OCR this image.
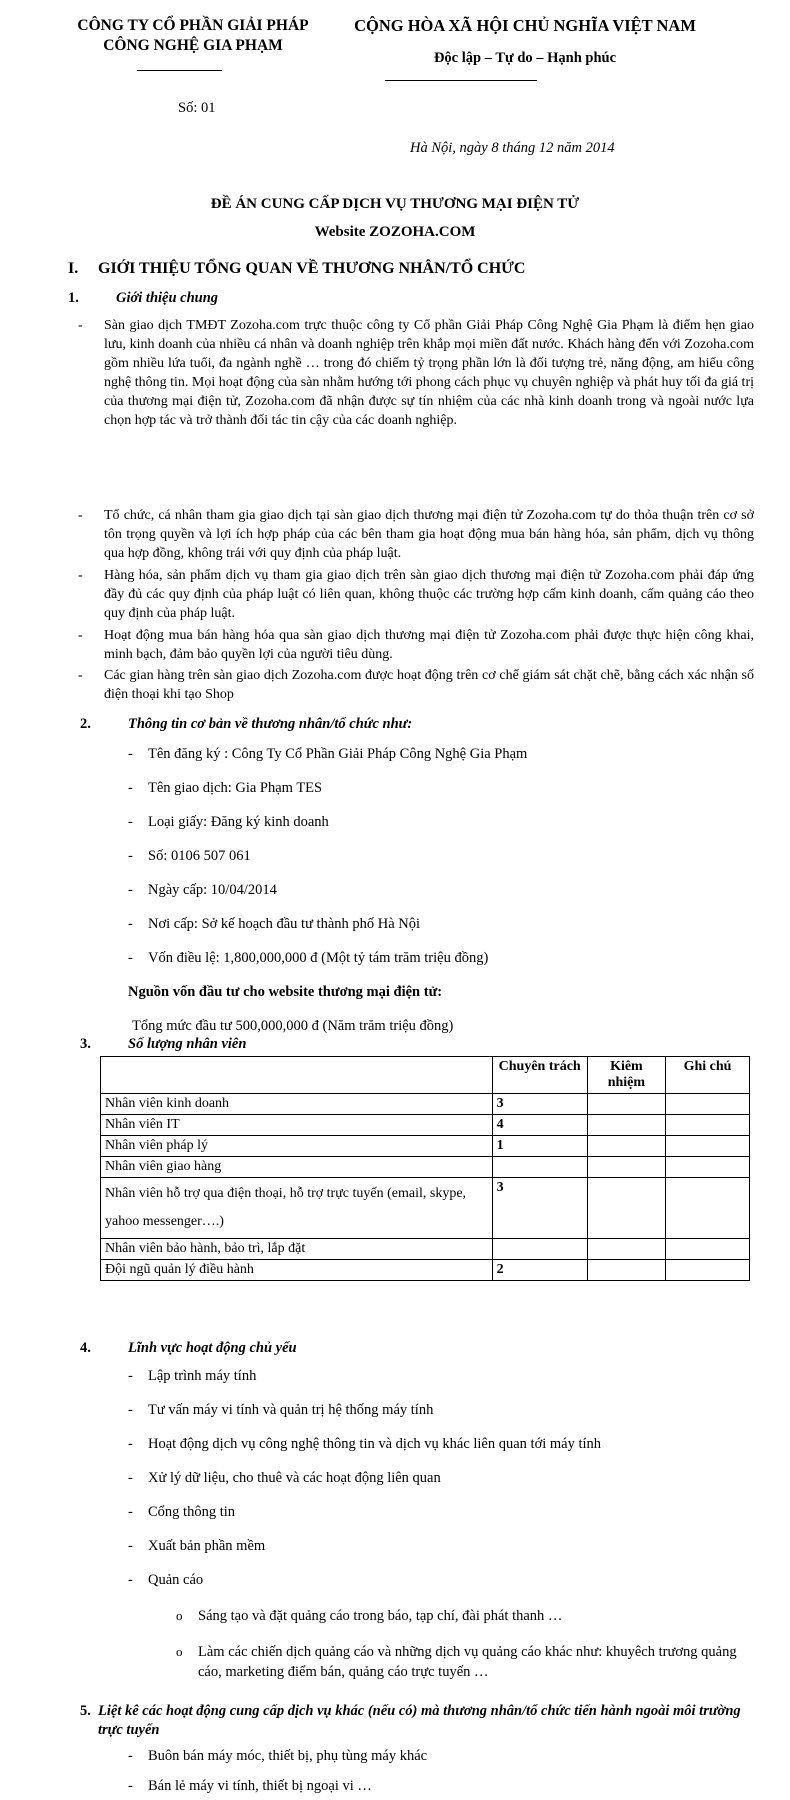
CÔNG TY CỔ PHẦN GIẢI PHÁP
CÔNG NGHỆ GIA PHẠM
CỘNG HÒA XÃ HỘI CHỦ NGHĨA VIỆT NAM
Độc lập – Tự do – Hạnh phúc
Số: 01
Hà Nội, ngày 8 tháng 12 năm 2014
ĐỀ ÁN CUNG CẤP DỊCH VỤ THƯƠNG MẠI ĐIỆN TỬ
Website ZOZOHA.COM
I. GIỚI THIỆU TỔNG QUAN VỀ THƯƠNG NHÂN/TỔ CHỨC
1.	Giới thiệu chung
- Sàn giao dịch TMĐT Zozoha.com trực thuộc công ty Cổ phần Giải Pháp Công Nghệ Gia Phạm là điểm hẹn giao lưu, kinh doanh của nhiều cá nhân và doanh nghiệp trên khắp mọi miền đất nước. Khách hàng đến với Zozoha.com gồm nhiều lứa tuổi, đa ngành nghề … trong đó chiếm tỷ trọng phần lớn là đối tượng trẻ, năng động, am hiểu công nghệ thông tin. Mọi hoạt động của sàn nhằm hướng tới phong cách phục vụ chuyên nghiệp và phát huy tối đa giá trị của thương mại điện tử, Zozoha.com đã nhận được sự tín nhiệm của các nhà kinh doanh trong và ngoài nước lựa chọn hợp tác và trở thành đối tác tin cậy của các doanh nghiệp.
- Tổ chức, cá nhân tham gia giao dịch tại sàn giao dịch thương mại điện tử Zozoha.com tự do thỏa thuận trên cơ sở tôn trọng quyền và lợi ích hợp pháp của các bên tham gia hoạt động mua bán hàng hóa, sản phẩm, dịch vụ thông qua hợp đồng, không trái với quy định của pháp luật.
- Hàng hóa, sản phẩm dịch vụ tham gia giao dịch trên sàn giao dịch thương mại điện tử Zozoha.com phải đáp ứng đầy đủ các quy định của pháp luật có liên quan, không thuộc các trường hợp cấm kinh doanh, cấm quảng cáo theo quy định của pháp luật.
- Hoạt động mua bán hàng hóa qua sàn giao dịch thương mại điện tử Zozoha.com phải được thực hiện công khai, minh bạch, đảm bảo quyền lợi của người tiêu dùng.
- Các gian hàng trên sàn giao dịch Zozoha.com được hoạt động trên cơ chế giám sát chặt chẽ, bằng cách xác nhận số điện thoại khi tạo Shop
2.	Thông tin cơ bản về thương nhân/tổ chức như:
- Tên đăng ký : Công Ty Cổ Phần Giải Pháp Công Nghệ Gia Phạm
- Tên giao dịch: Gia Phạm TES
- Loại giấy: Đăng ký kinh doanh
- Số: 0106 507 061
- Ngày cấp: 10/04/2014
- Nơi cấp: Sở kế hoạch đầu tư thành phố Hà Nội
- Vốn điều lệ: 1,800,000,000 đ (Một tỷ tám trăm triệu đồng)
Nguồn vốn đầu tư cho website thương mại điện tử:
Tổng mức đầu tư 500,000,000 đ (Năm trăm triệu đồng)
3.	Số lượng nhân viên
	Chuyên trách	Kiêm nhiệm	Ghi chú
Nhân viên kinh doanh	3		
Nhân viên IT	4		
Nhân viên pháp lý	1		
Nhân viên giao hàng			
Nhân viên hỗ trợ qua điện thoại, hỗ trợ trực tuyến (email, skype, yahoo messenger….)	3		
Nhân viên bảo hành, bảo trì, lắp đặt			
Đội ngũ quản lý điều hành	2		
4.	Lĩnh vực hoạt động chủ yếu
- Lập trình máy tính
- Tư vấn máy vi tính và quản trị hệ thống máy tính
- Hoạt động dịch vụ công nghệ thông tin và dịch vụ khác liên quan tới máy tính
- Xử lý dữ liệu, cho thuê và các hoạt động liên quan
- Cổng thông tin
- Xuất bản phần mềm
- Quản cáo
o Sáng tạo và đặt quảng cáo trong báo, tạp chí, đài phát thanh …
o Làm các chiến dịch quảng cáo và những dịch vụ quảng cáo khác như: khuyêch trương quảng cáo, marketing điểm bán, quảng cáo trực tuyến …
5. Liệt kê các hoạt động cung cấp dịch vụ khác (nếu có) mà thương nhân/tổ chức tiến hành ngoài môi trường trực tuyến
- Buôn bán máy móc, thiết bị, phụ tùng máy khác
- Bán lẻ máy vi tính, thiết bị ngoại vi …
